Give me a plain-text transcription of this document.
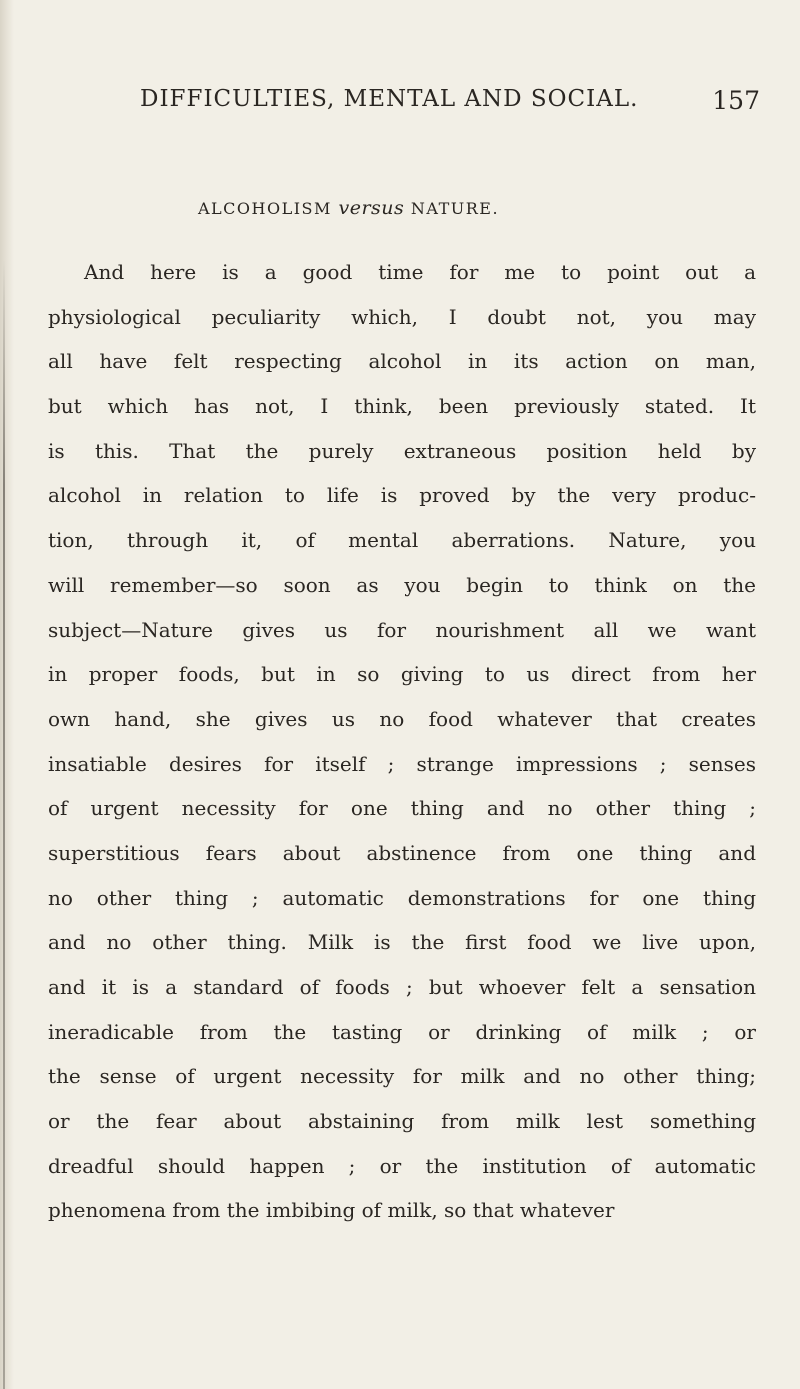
DIFFICULTIES, MENTAL AND SOCIAL.	157
ALCOHOLISM versus NATURE.
And here is a good time for me to point out a
physiological peculiarity which, I doubt not, you may
all have felt respecting alcohol in its action on man,
but which has not, I think, been previously stated. It
is this. That the purely extraneous position held by
alcohol in relation to life is proved by the very produc-
tion, through it, of mental aberrations. Nature, you
will remember—so soon as you begin to think on the
subject—Nature gives us for nourishment all we want
in proper foods, but in so giving to us direct from her
own hand, she gives us no food whatever that creates
insatiable desires for itself ; strange impressions ; senses
of urgent necessity for one thing and no other thing ;
superstitious fears about abstinence from one thing and
no other thing ; automatic demonstrations for one thing
and no other thing. Milk is the first food we live upon,
and it is a standard of foods ; but whoever felt a sensation
ineradicable from the tasting or drinking of milk ; or
the sense of urgent necessity for milk and no other thing;
or the fear about abstaining from milk lest something
dreadful should happen ; or the institution of automatic
phenomena from the imbibing of milk, so that whatever
